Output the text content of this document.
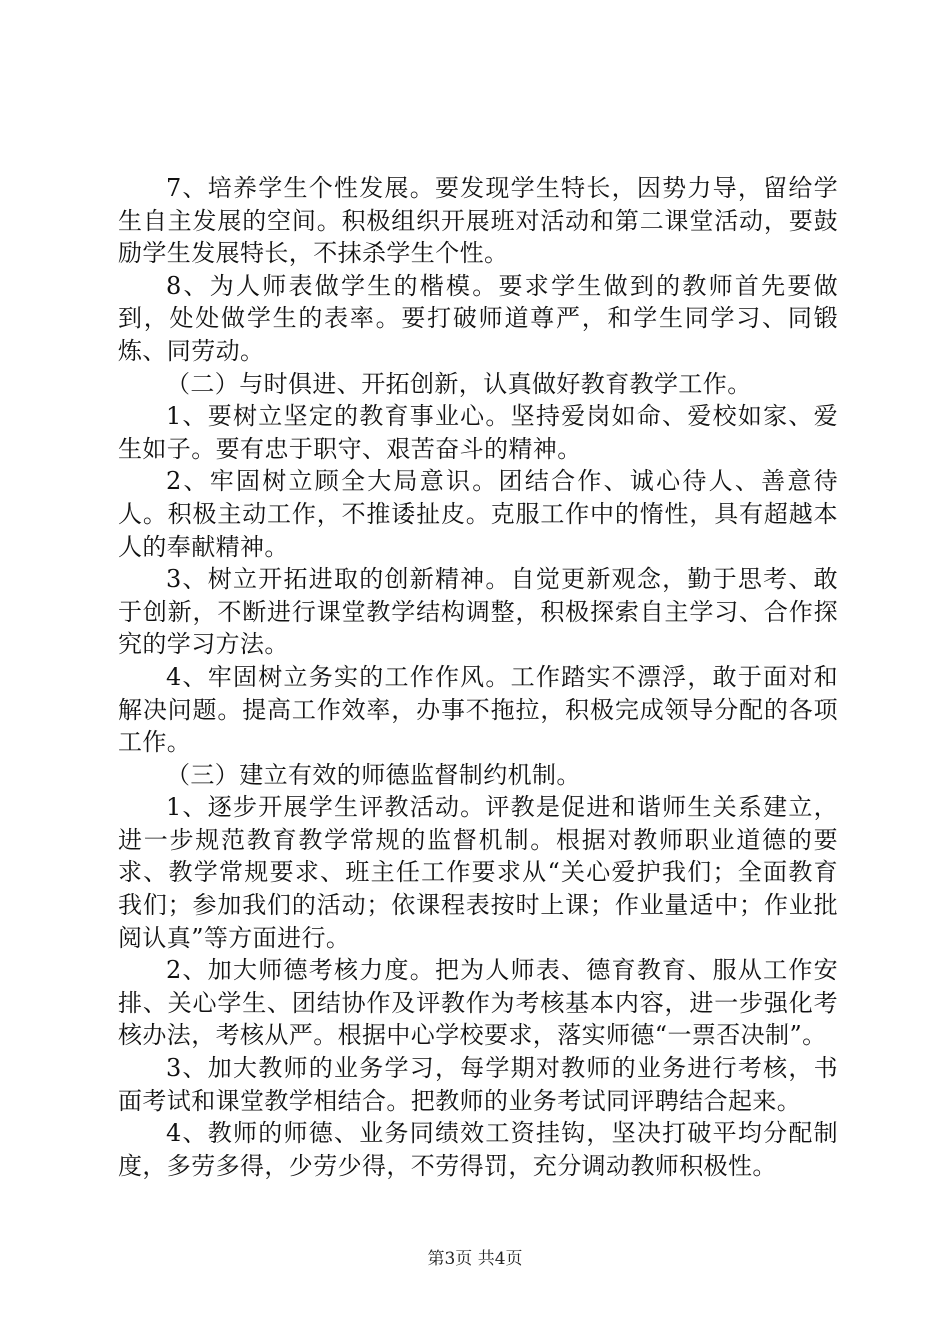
7、培养学生个性发展。要发现学生特长，因势力导，留给学生自主发展的空间。积极组织开展班对活动和第二课堂活动，要鼓励学生发展特长，不抹杀学生个性。

8、为人师表做学生的楷模。要求学生做到的教师首先要做到，处处做学生的表率。要打破师道尊严，和学生同学习、同锻炼、同劳动。

（二）与时俱进、开拓创新，认真做好教育教学工作。

1、要树立坚定的教育事业心。坚持爱岗如命、爱校如家、爱生如子。要有忠于职守、艰苦奋斗的精神。

2、牢固树立顾全大局意识。团结合作、诚心待人、善意待人。积极主动工作，不推诿扯皮。克服工作中的惰性，具有超越本人的奉献精神。

3、树立开拓进取的创新精神。自觉更新观念，勤于思考、敢于创新，不断进行课堂教学结构调整，积极探索自主学习、合作探究的学习方法。

4、牢固树立务实的工作作风。工作踏实不漂浮，敢于面对和解决问题。提高工作效率，办事不拖拉，积极完成领导分配的各项工作。

（三）建立有效的师德监督制约机制。

1、逐步开展学生评教活动。评教是促进和谐师生关系建立，进一步规范教育教学常规的监督机制。根据对教师职业道德的要求、教学常规要求、班主任工作要求从“关心爱护我们；全面教育我们；参加我们的活动；依课程表按时上课；作业量适中；作业批阅认真”等方面进行。

2、加大师德考核力度。把为人师表、德育教育、服从工作安排、关心学生、团结协作及评教作为考核基本内容，进一步强化考核办法，考核从严。根据中心学校要求，落实师德“一票否决制”。

3、加大教师的业务学习，每学期对教师的业务进行考核，书面考试和课堂教学相结合。把教师的业务考试同评聘结合起来。

4、教师的师德、业务同绩效工资挂钩，坚决打破平均分配制度，多劳多得，少劳少得，不劳得罚，充分调动教师积极性。

第3页 共4页
